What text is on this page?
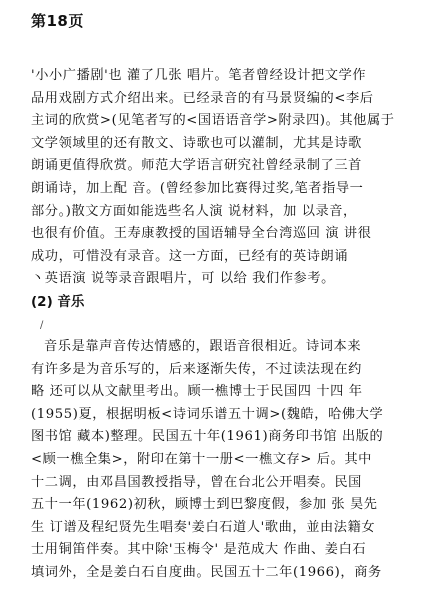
第18页
'小小广播剧'也 灌了几张 唱片。笔者曾经设计把文学作
品用戏剧方式介绍出来。已经录音的有马景贤编的<李后
主词的欣赏>(见笔者写的<国语语音学>附录四)。其他属于
文学领域里的还有散文、诗歌也可以灌制，尤其是诗歌
朗诵更值得欣赏。师范大学语言研究社曾经录制了三首
朗诵诗，加上配 音。(曾经参加比赛得过奖,笔者指导一
部分。)散文方面如能选些名人演 说材料，加 以录音，
也很有价值。王寿康教授的国语辅导全台湾巡回 演 讲很
成功，可惜没有录音。这一方面，已经有的英诗朗诵
丶英语演 说等录音跟唱片，可 以给 我们作参考。
(2) 音乐
/
音乐是靠声音传达情感的，跟语音很相近。诗词本来
有许多是为音乐写的，后来逐渐失传，不过读法现在约
略 还可以从文献里考出。顾一樵博士于民国四 十四 年
(1955)夏，根据明板<诗词乐谱五十调>(魏皓，哈佛大学
图书馆 藏本)整理。民国五十年(1961)商务印书馆 出版的
<顾一樵全集>，附印在第十一册<一樵文存> 后。其中
十二调，由邓昌国教授指导，曾在台北公开唱奏。民国
五十一年(1962)初秋，顾博士到巴黎度假，参加 张 昊先
生 订谱及程纪贤先生唱奏'姜白石道人'歌曲，並由法籍女
士用铜笛伴奏。其中除'玉梅令' 是范成大 作曲、姜白石
填词外，全是姜白石自度曲。民国五十二年(1966)，商务
